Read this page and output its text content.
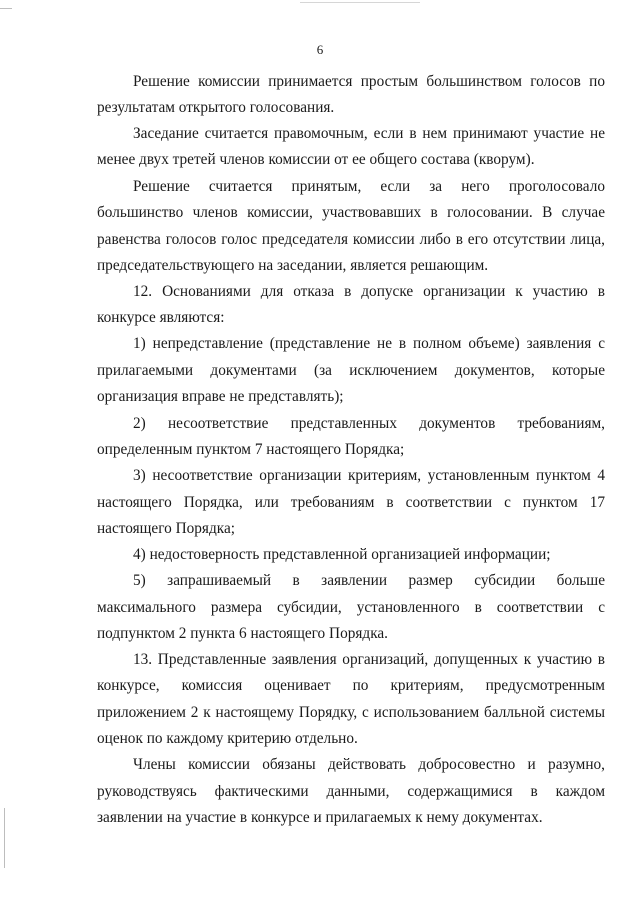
6
Решение комиссии принимается простым большинством голосов по
результатам открытого голосования.
Заседание считается правомочным, если в нем принимают участие не
менее двух третей членов комиссии от ее общего состава (кворум).
Решение считается принятым, если за него проголосовало
большинство членов комиссии, участвовавших в голосовании. В случае
равенства голосов голос председателя комиссии либо в его отсутствии лица,
председательствующего на заседании, является решающим.
12. Основаниями для отказа в допуске организации к участию в
конкурсе являются:
1) непредставление (представление не в полном объеме) заявления с
прилагаемыми документами (за исключением документов, которые
организация вправе не представлять);
2) несоответствие представленных документов требованиям,
определенным пунктом 7 настоящего Порядка;
3) несоответствие организации критериям, установленным пунктом 4
настоящего Порядка, или требованиям в соответствии с пунктом 17
настоящего Порядка;
4) недостоверность представленной организацией информации;
5) запрашиваемый в заявлении размер субсидии больше
максимального размера субсидии, установленного в соответствии с
подпунктом 2 пункта 6 настоящего Порядка.
13. Представленные заявления организаций, допущенных к участию в
конкурсе, комиссия оценивает по критериям, предусмотренным
приложением 2 к настоящему Порядку, с использованием балльной системы
оценок по каждому критерию отдельно.
Члены комиссии обязаны действовать добросовестно и разумно,
руководствуясь фактическими данными, содержащимися в каждом
заявлении на участие в конкурсе и прилагаемых к нему документах.
